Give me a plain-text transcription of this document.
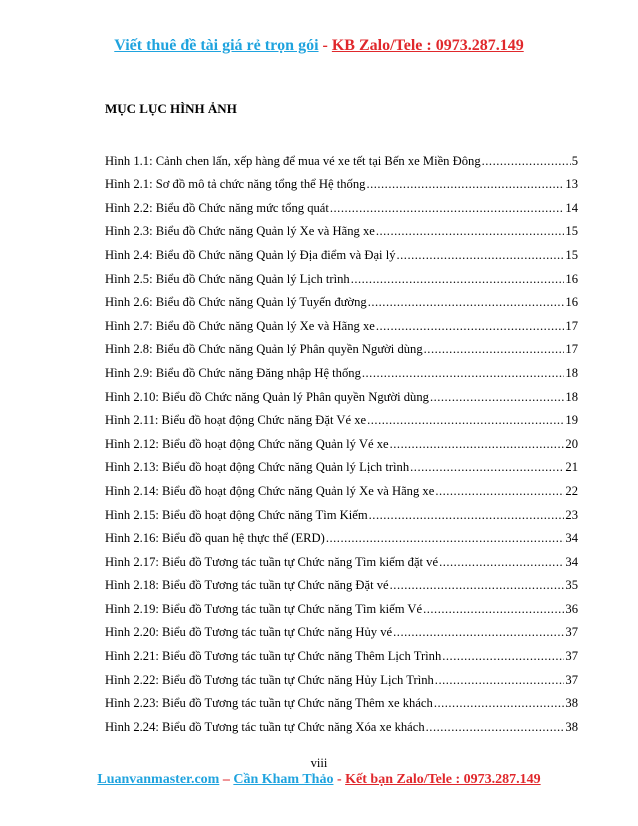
Viết thuê đề tài giá rẻ trọn gói - KB Zalo/Tele : 0973.287.149
MỤC LỤC HÌNH ẢNH
Hình 1.1: Cảnh chen lấn, xếp hàng để mua vé xe tết tại Bến xe Miền Đông .....	5
Hình 2.1: Sơ đồ mô tả chức năng tổng thể Hệ thống .....	13
Hình 2.2: Biểu đồ Chức năng mức tổng quát .....	14
Hình 2.3: Biểu đồ Chức năng Quản lý Xe và Hãng xe .....	15
Hình 2.4: Biểu đồ Chức năng Quản lý Địa điểm và Đại lý .....	15
Hình 2.5: Biểu đồ Chức năng Quản lý Lịch trình .....	16
Hình 2.6: Biểu đồ Chức năng Quản lý Tuyến đường .....	16
Hình 2.7: Biểu đồ Chức năng Quản lý Xe và Hãng xe .....	17
Hình 2.8: Biểu đồ Chức năng Quản lý Phân quyền Người dùng .....	17
Hình 2.9: Biểu đồ Chức năng Đăng nhập Hệ thống .....	18
Hình 2.10: Biểu đồ Chức năng Quản lý Phân quyền Người dùng .....	18
Hình 2.11: Biểu đồ hoạt động Chức năng Đặt Vé xe .....	19
Hình 2.12: Biểu đồ hoạt động Chức năng Quản lý Vé xe .....	20
Hình 2.13: Biểu đồ hoạt động Chức năng Quản lý Lịch trình .....	21
Hình 2.14: Biểu đồ hoạt động Chức năng Quản lý Xe và Hãng xe .....	22
Hình 2.15: Biểu đồ hoạt động Chức năng Tìm Kiếm .....	23
Hình 2.16: Biểu đồ quan hệ thực thể (ERD) .....	34
Hình 2.17: Biểu đồ Tương tác tuần tự Chức năng Tìm kiếm đặt vé .....	34
Hình 2.18: Biểu đồ Tương tác tuần tự Chức năng Đặt vé .....	35
Hình 2.19: Biểu đồ Tương tác tuần tự Chức năng Tìm kiếm Vé .....	36
Hình 2.20: Biểu đồ Tương tác tuần tự Chức năng Hủy vé .....	37
Hình 2.21: Biểu đồ Tương tác tuần tự Chức năng Thêm Lịch Trình .....	37
Hình 2.22: Biểu đồ Tương tác tuần tự Chức năng Hủy Lịch Trình .....	37
Hình 2.23: Biểu đồ Tương tác tuần tự Chức năng Thêm xe khách .....	38
Hình 2.24: Biểu đồ Tương tác tuần tự Chức năng Xóa xe khách .....	38
viii
Luanvanmaster.com – Cần Kham Thảo - Kết bạn Zalo/Tele : 0973.287.149
